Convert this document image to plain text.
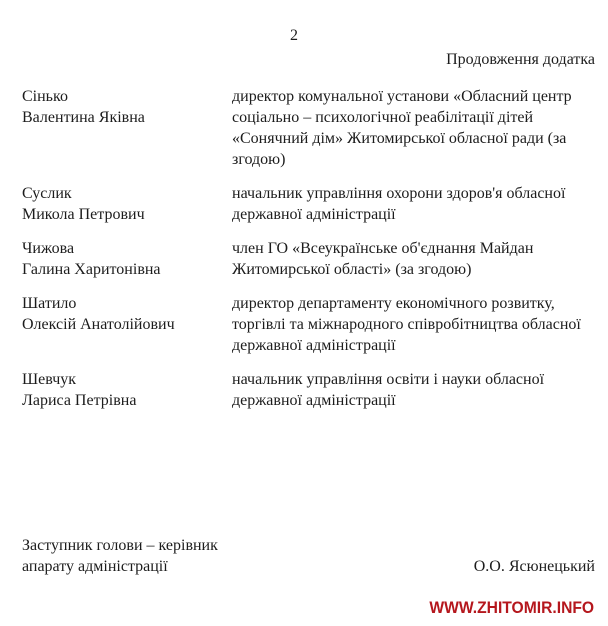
2
Продовження додатка
Сінько
Валентина Яківна
директор комунальної установи «Обласний центр
соціально – психологічної реабілітації дітей
«Сонячний дім» Житомирської обласної ради (за
згодою)
Суслик
Микола Петрович
начальник управління охорони здоров'я обласної
державної адміністрації
Чижова
Галина Харитонівна
член ГО «Всеукраїнське об'єднання Майдан
Житомирської області» (за згодою)
Шатило
Олексій Анатолійович
директор департаменту економічного розвитку,
торгівлі та міжнародного співробітництва обласної
державної адміністрації
Шевчук
Лариса Петрівна
начальник управління освіти і науки обласної
державної адміністрації
Заступник голови – керівник
апарату адміністрації	О.О. Ясюнецький
WWW.ZHITOMIR.INFO
